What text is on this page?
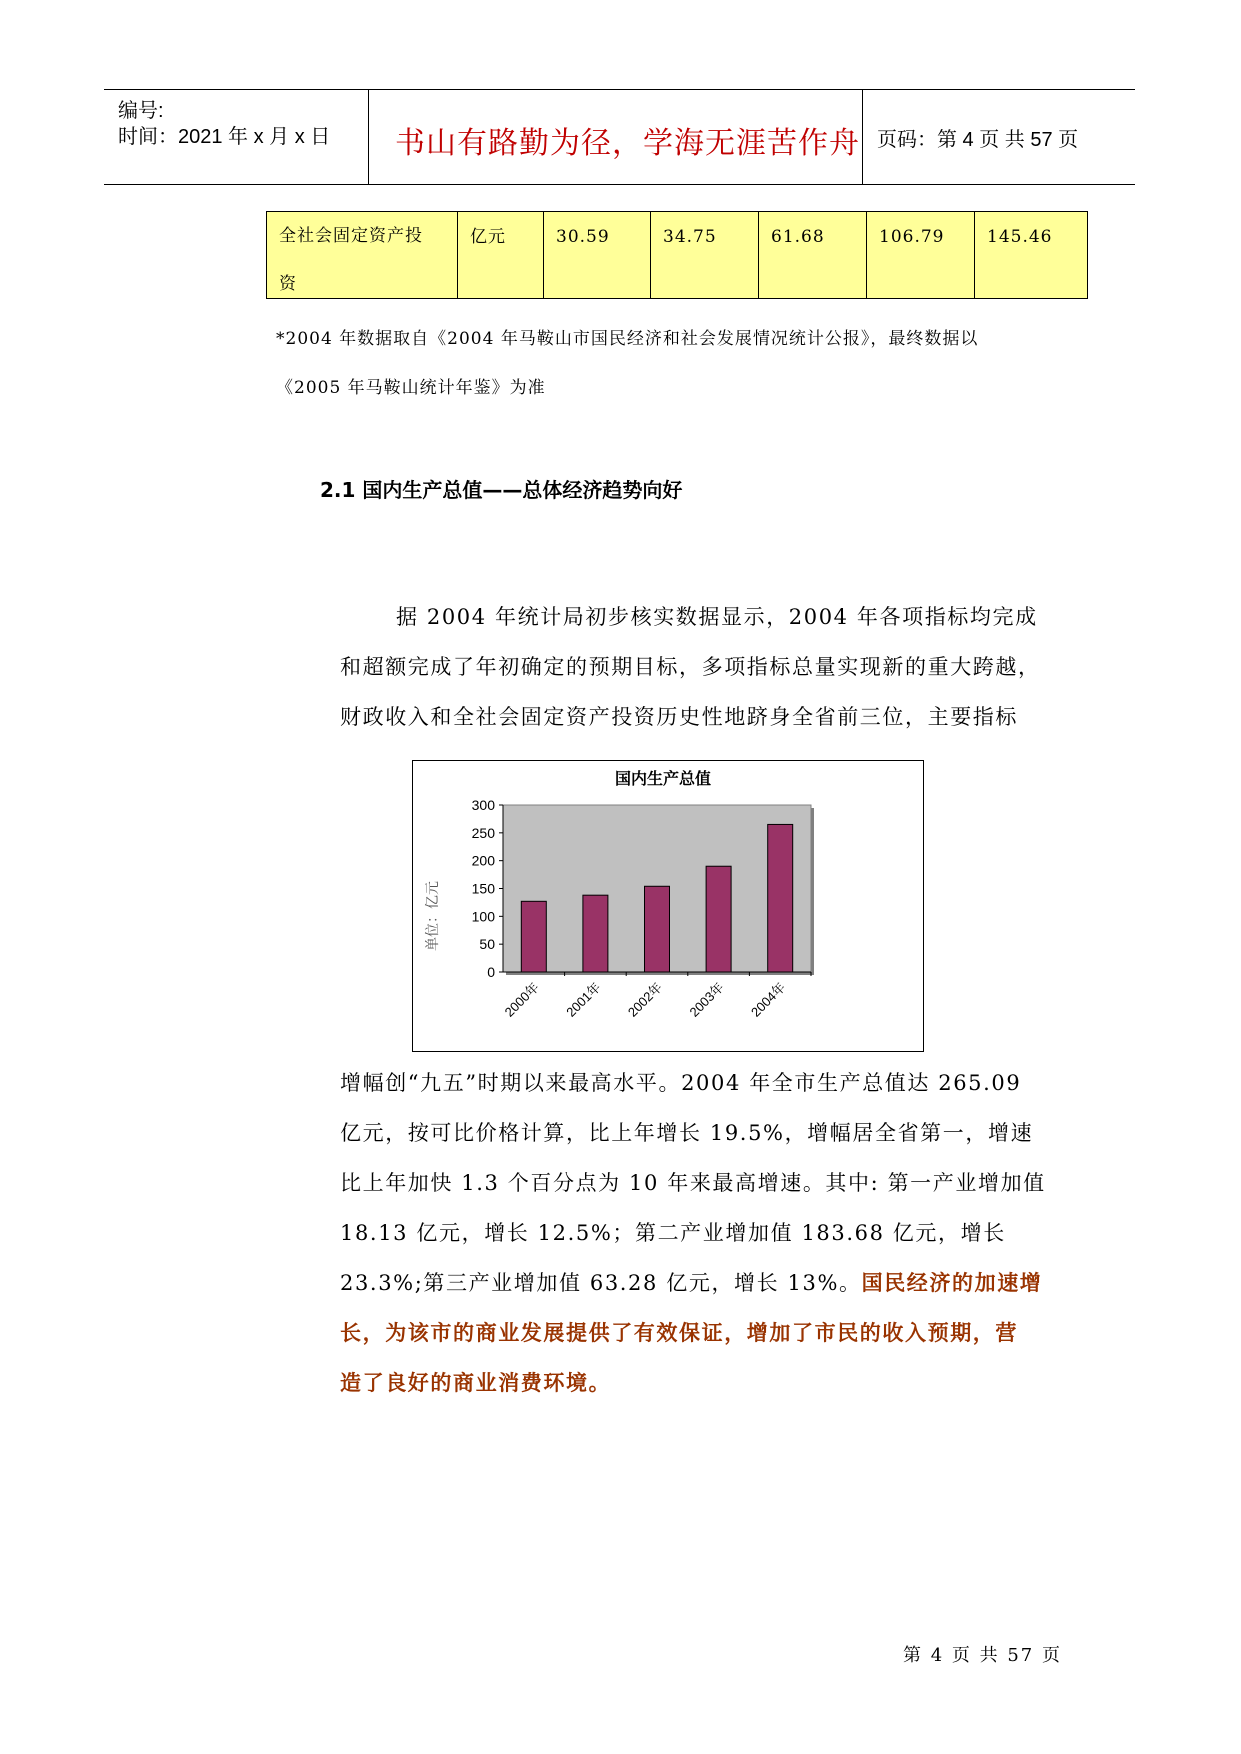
编号:
时间：2021 年 x 月 x 日 书山有路勤为径，学海无涯苦作舟 页码：第 4 页 共 57 页
全社会固定资产投
资

亿元	30.59	34.75	61.68	106.79	145.46
*2004 年数据取自《2004 年马鞍山市国民经济和社会发展情况统计公报》，最终数据以
《2005 年马鞍山统计年鉴》为准
2.1 国内生产总值——总体经济趋势向好

据 2004 年统计局初步核实数据显示，2004 年各项指标均完成

和超额完成了年初确定的预期目标，多项指标总量实现新的重大跨越，

财政收入和全社会固定资产投资历史性地跻身全省前三位，主要指标

国内生产总值
单位：亿元
0
50
100
150
200
250
300
2000年 2001年 2002年 2003年 2004年

增幅创“九五”时期以来最高水平。2004 年全市生产总值达 265.09

亿元，按可比价格计算，比上年增长 19.5%，增幅居全省第一，增速

比上年加快 1.3 个百分点为 10 年来最高增速。其中: 第一产业增加值

18.13 亿元，增长 12.5%；第二产业增加值 183.68 亿元，增长

23.3%;第三产业增加值 63.28 亿元，增长 13%。国民经济的加速增

长，为该市的商业发展提供了有效保证，增加了市民的收入预期，营

造了良好的商业消费环境。

第 4 页 共 57 页
